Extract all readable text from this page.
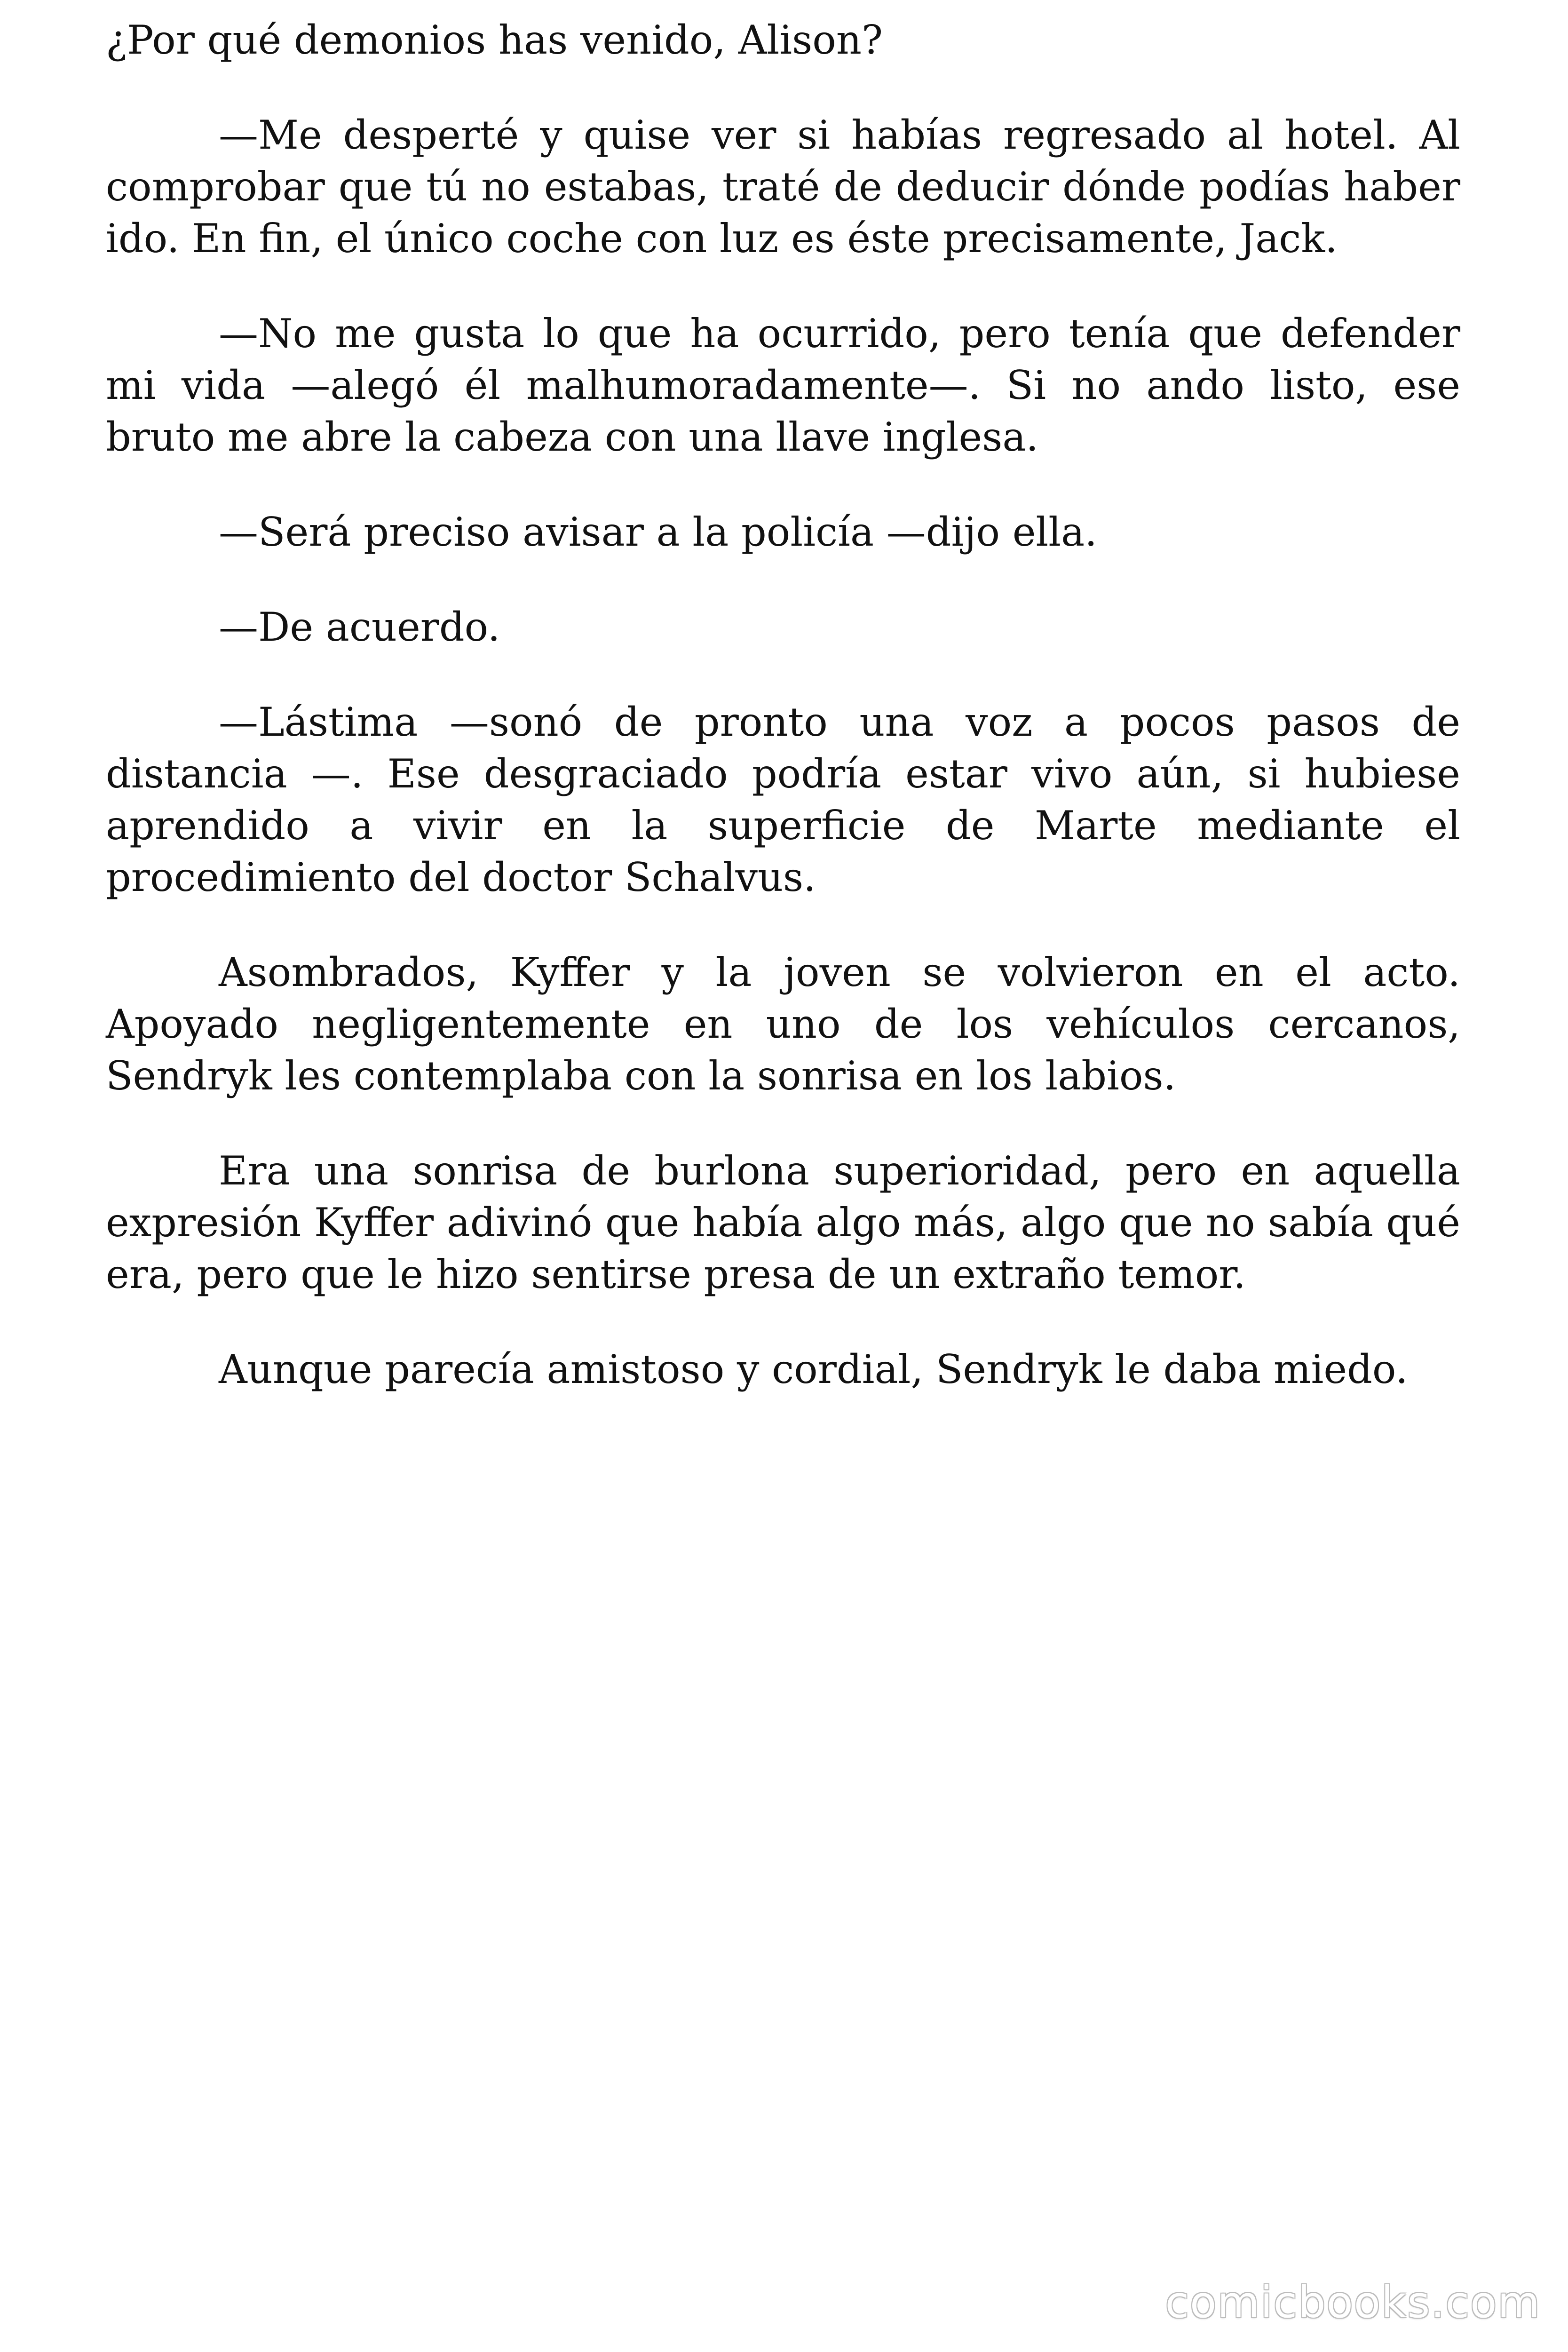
¿Por qué demonios has venido, Alison?

—Me desperté y quise ver si habías regresado al hotel. Al comprobar que tú no estabas, traté de deducir dónde podías haber ido. En fin, el único coche con luz es éste precisamente, Jack.

—No me gusta lo que ha ocurrido, pero tenía que defender mi vida —alegó él malhumoradamente—. Si no ando listo, ese bruto me abre la cabeza con una llave inglesa.

—Será preciso avisar a la policía —dijo ella.

—De acuerdo.

—Lástima —sonó de pronto una voz a pocos pasos de distancia —. Ese desgraciado podría estar vivo aún, si hubiese aprendido a vivir en la superficie de Marte mediante el procedimiento del doctor Schalvus.

Asombrados, Kyffer y la joven se volvieron en el acto. Apoyado negligentemente en uno de los vehículos cercanos, Sendryk les contemplaba con la sonrisa en los labios.

Era una sonrisa de burlona superioridad, pero en aquella expresión Kyffer adivinó que había algo más, algo que no sabía qué era, pero que le hizo sentirse presa de un extraño temor.

Aunque parecía amistoso y cordial, Sendryk le daba miedo.

comicbooks.com
